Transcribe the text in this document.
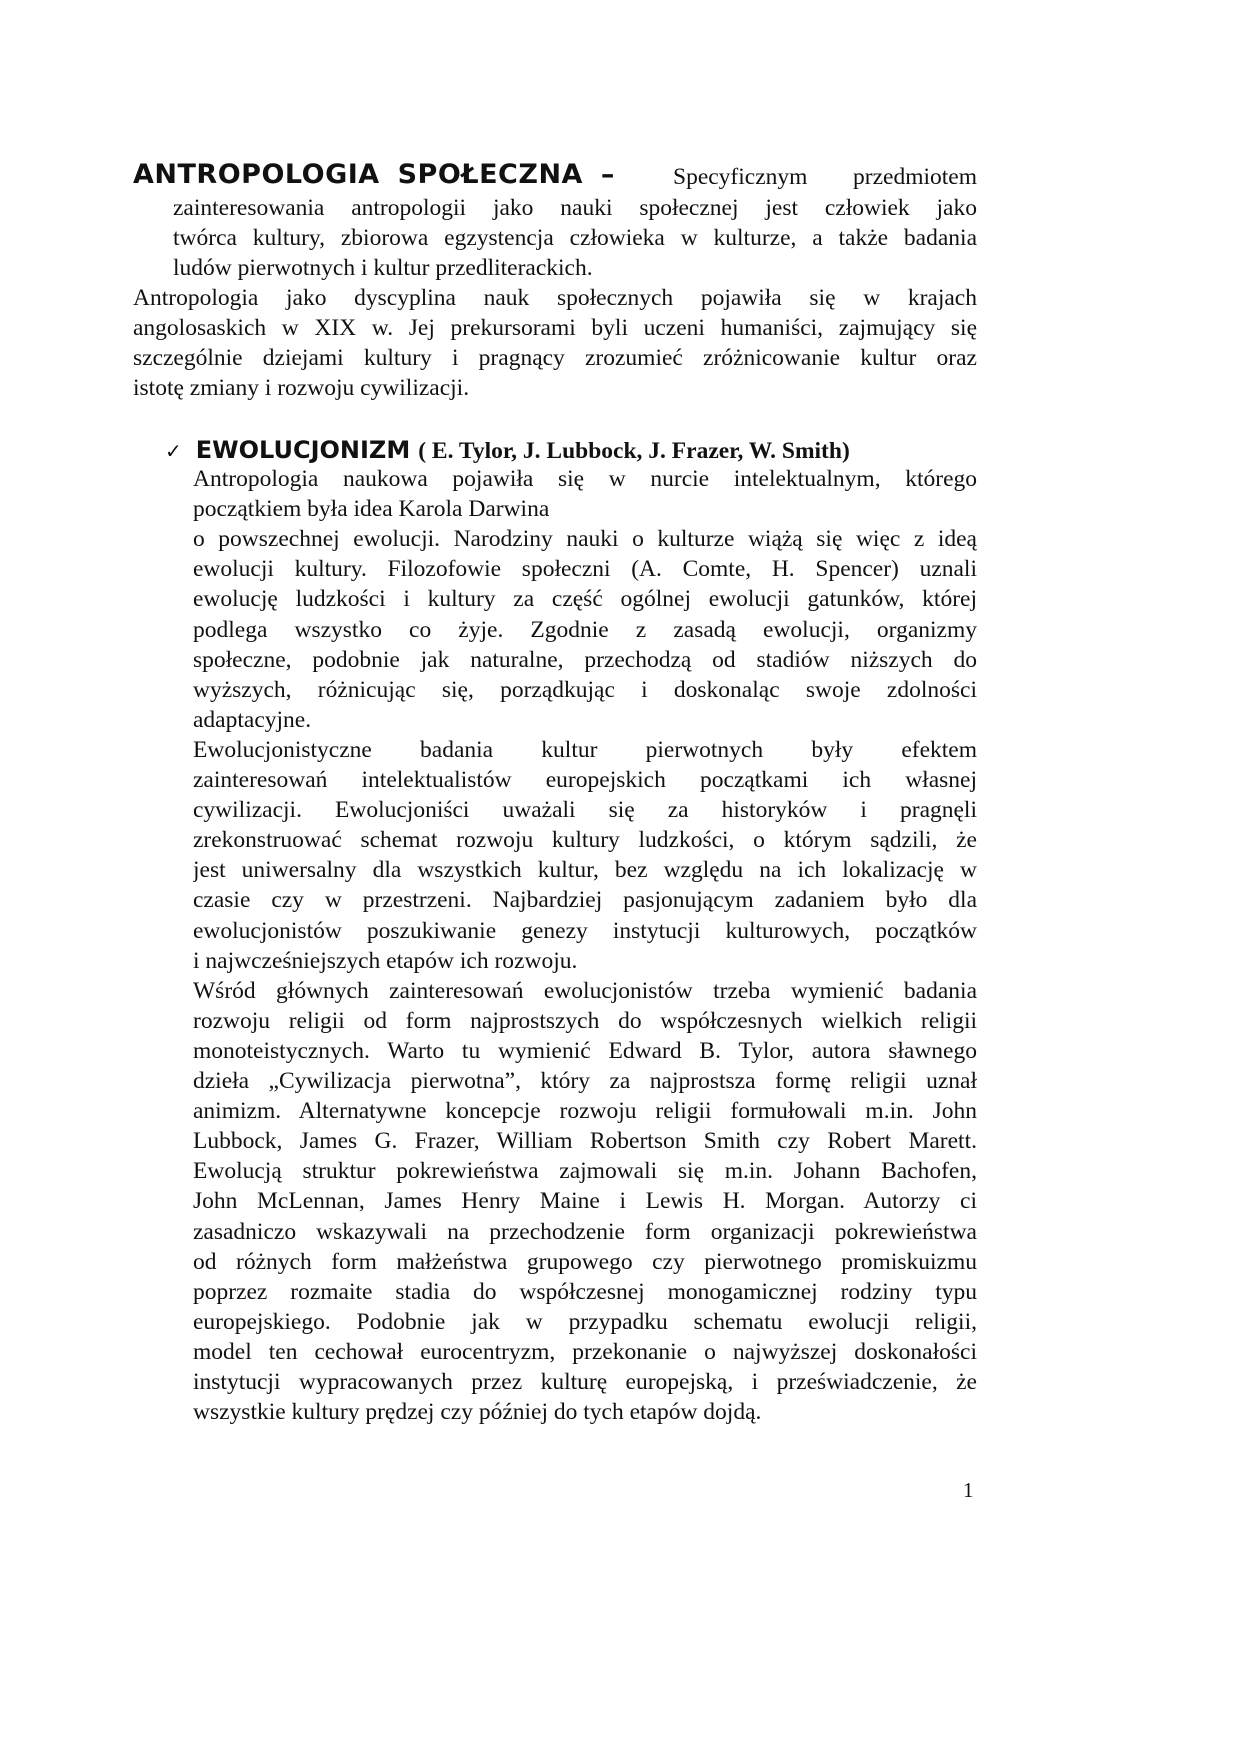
ANTROPOLOGIA SPOŁECZNA – Specyficznym przedmiotem
zainteresowania antropologii jako nauki społecznej jest człowiek jako
twórca kultury, zbiorowa egzystencja człowieka w kulturze, a także badania
ludów pierwotnych i kultur przedliterackich.
Antropologia jako dyscyplina nauk społecznych pojawiła się w krajach
angolosaskich w XIX w. Jej prekursorami byli uczeni humaniści, zajmujący się
szczególnie dziejami kultury i pragnący zrozumieć zróżnicowanie kultur oraz
istotę zmiany i rozwoju cywilizacji.
✓ EWOLUCJONIZM ( E. Tylor, J. Lubbock, J. Frazer, W. Smith)
Antropologia naukowa pojawiła się w nurcie intelektualnym, którego
początkiem była idea Karola Darwina
o powszechnej ewolucji. Narodziny nauki o kulturze wiążą się więc z ideą
ewolucji kultury. Filozofowie społeczni (A. Comte, H. Spencer) uznali
ewolucję ludzkości i kultury za część ogólnej ewolucji gatunków, której
podlega wszystko co żyje. Zgodnie z zasadą ewolucji, organizmy
społeczne, podobnie jak naturalne, przechodzą od stadiów niższych do
wyższych, różnicując się, porządkując i doskonaląc swoje zdolności
adaptacyjne.
Ewolucjonistyczne badania kultur pierwotnych były efektem
zainteresowań intelektualistów europejskich początkami ich własnej
cywilizacji. Ewolucjoniści uważali się za historyków i pragnęli
zrekonstruować schemat rozwoju kultury ludzkości, o którym sądzili, że
jest uniwersalny dla wszystkich kultur, bez względu na ich lokalizację w
czasie czy w przestrzeni. Najbardziej pasjonującym zadaniem było dla
ewolucjonistów poszukiwanie genezy instytucji kulturowych, początków
i najwcześniejszych etapów ich rozwoju.
Wśród głównych zainteresowań ewolucjonistów trzeba wymienić badania
rozwoju religii od form najprostszych do współczesnych wielkich religii
monoteistycznych. Warto tu wymienić Edward B. Tylor, autora sławnego
dzieła „Cywilizacja pierwotna”, który za najprostsza formę religii uznał
animizm. Alternatywne koncepcje rozwoju religii formułowali m.in. John
Lubbock, James G. Frazer, William Robertson Smith czy Robert Marett.
Ewolucją struktur pokrewieństwa zajmowali się m.in. Johann Bachofen,
John McLennan, James Henry Maine i Lewis H. Morgan. Autorzy ci
zasadniczo wskazywali na przechodzenie form organizacji pokrewieństwa
od różnych form małżeństwa grupowego czy pierwotnego promiskuizmu
poprzez rozmaite stadia do współczesnej monogamicznej rodziny typu
europejskiego. Podobnie jak w przypadku schematu ewolucji religii,
model ten cechował eurocentryzm, przekonanie o najwyższej doskonałości
instytucji wypracowanych przez kulturę europejską, i przeświadczenie, że
wszystkie kultury prędzej czy później do tych etapów dojdą.
1
